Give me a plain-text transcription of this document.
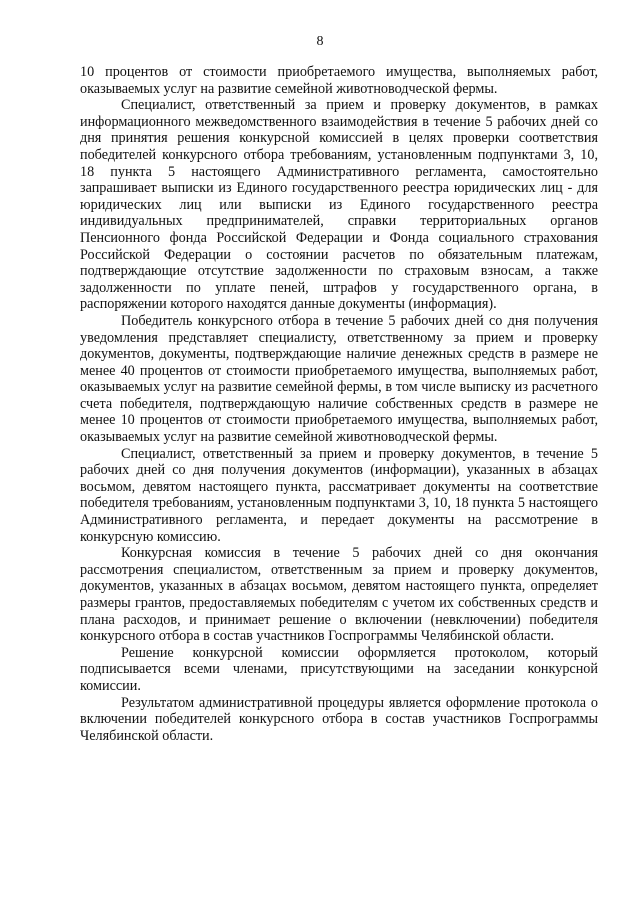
8

10 процентов от стоимости приобретаемого имущества, выполняемых работ, оказываемых услуг на развитие семейной животноводческой фермы.

Специалист, ответственный за прием и проверку документов, в рамках информационного межведомственного взаимодействия в течение 5 рабочих дней со дня принятия решения конкурсной комиссией в целях проверки соответствия победителей конкурсного отбора требованиям, установленным подпунктами 3, 10, 18 пункта 5 настоящего Административного регламента, самостоятельно запрашивает выписки из Единого государственного реестра юридических лиц - для юридических лиц или выписки из Единого государственного реестра индивидуальных предпринимателей, справки территориальных органов Пенсионного фонда Российской Федерации и Фонда социального страхования Российской Федерации о состоянии расчетов по обязательным платежам, подтверждающие отсутствие задолженности по страховым взносам, а также задолженности по уплате пеней, штрафов у государственного органа, в распоряжении которого находятся данные документы (информация).

Победитель конкурсного отбора в течение 5 рабочих дней со дня получения уведомления представляет специалисту, ответственному за прием и проверку документов, документы, подтверждающие наличие денежных средств в размере не менее 40 процентов от стоимости приобретаемого имущества, выполняемых работ, оказываемых услуг на развитие семейной фермы, в том числе выписку из расчетного счета победителя, подтверждающую наличие собственных средств в размере не менее 10 процентов от стоимости приобретаемого имущества, выполняемых работ, оказываемых услуг на развитие семейной животноводческой фермы.

Специалист, ответственный за прием и проверку документов, в течение 5 рабочих дней со дня получения документов (информации), указанных в абзацах восьмом, девятом настоящего пункта, рассматривает документы на соответствие победителя требованиям, установленным подпунктами 3, 10, 18 пункта 5 настоящего Административного регламента, и передает документы на рассмотрение в конкурсную комиссию.

Конкурсная комиссия в течение 5 рабочих дней со дня окончания рассмотрения специалистом, ответственным за прием и проверку документов, документов, указанных в абзацах восьмом, девятом настоящего пункта, определяет размеры грантов, предоставляемых победителям с учетом их собственных средств и плана расходов, и принимает решение о включении (невключении) победителя конкурсного отбора в состав участников Госпрограммы Челябинской области.

Решение конкурсной комиссии оформляется протоколом, который подписывается всеми членами, присутствующими на заседании конкурсной комиссии.

Результатом административной процедуры является оформление протокола о включении победителей конкурсного отбора в состав участников Госпрограммы Челябинской области.
